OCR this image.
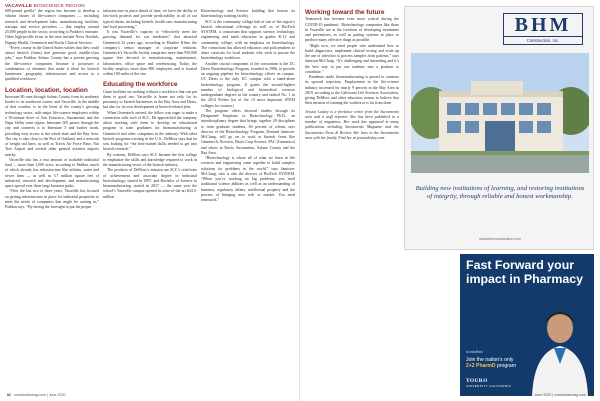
VACAVILLE BIOSCIENCE REGION

600-pound gorilla” the region has become to develop a vibrant cluster of life-science companies — including research and development hubs, manufacturing facilities, startups, and service providers — that employ around 25,000 people in the sector, according to Paddon’s estimate. Other high-profile firms in the area include Novo Nordisk, Dignity Health, Genentech and Roche Clinical Services.

“Every county in the United States wishes that they could attract biotech (firms) that generate good, middle-class jobs,” says Paddon. Solano County has a proven growing the life-science companies because it possesses a combination of elements that make it ideal for biotech businesses: geography, infrastructure and access to a qualified workforce.

Location, location, location

Interstate 80 runs through Solano County from its northeast border to its southwest corner, and Vacaville, in the middle of that corridor, is in the heart of the county’s growing technology sector, with major life-science employers within a 30-minute drive of San Francisco, Sacramento and the Napa Valley wine region. Interstate 505 passes through the city and connects it to Interstate 5 and further north, providing easy access to the whole state and the Bay Area. The city is also close to the Port of Oakland, and a network of freight rail lines, as well as Travis Air Force Base, Nut Tree Airport and several other general aviation airports nearby.

Vacaville also has a vast amount of available industrial land — more than 1,000 acres, according to Paddon, much of which already has infrastructure like utilities, water and sewer lines — as well as 3.7 million square feet of industrial, research and development, and manufacturing space spread over three large business parks.

“Over the last two to three years, Vacaville has focused on getting infrastructure in place for industrial properties to meet the needs of companies that might be coming in,” Paddon says. “By having the foresight to put the proper

infrastructure in place ahead of time, we have the ability to fast-track projects and provide predictability in all of our typical duties, including biotech, health care, manufacturing and food processing.”

It was Vacaville’s capacity to “effectively meet the growing demand for our medicines” that attracted Genentech 22 years ago, according to Heather Kline, the company’s senior manager of corporate relations. Genentech’s Vacaville facility comprises more than 950,000 square feet devoted to manufacturing, maintenance, laboratories, office space and warehousing. Today, the facility employs more than 900 employees and is located within 100 miles of the site.

Educating the workforce

Giant facilities are nothing without a workforce that can put them to good use. Vacaville is home not only for its proximity to biotech businesses in the Bay Area and Davis, but also for its own development of biotech-related jobs.

When Genentech arrived, the fellow was eager to make a connection with each of SCC. He approached the company about working with them to develop an educational program to train graduates for biomanufacturing at Genentech and other companies in the industry. With other biotech programs existing in the U.S., DeMoss says that he was looking for “the best-trained skills needed to get into biotech research.”

By contrast, DeMoss says SCC became the first college to emphasize the skills and knowledge required to work in the manufacturing sector of the biotech industry.

The products of DeMoss’s mission are SCC’s certificate of achievement and associate degree in industrial biotechnology, started in 1997, and Bachelor of Science in biomanufacturing, started in 2017 — the same year the school’s Vacaville campus opened its state-of-the-art $34.5-million

Biotechnology and Science building that houses its biotechnology training facility.

SCC is the community college hub of one of the region’s biotech educational offerings as well as of BioTech SYSTEM, a consortium that supports science, technology, engineering and math education in grades K-12 and community college, with an emphasis on biotechnology. The consortium has allowed educators and policymakers to share curricula for local students who wish to pursue the biotechnology workforce.

Another crucial component of the consortium is the UC Davis Biotechnology Program, founded in 1986, to provide an ongoing pipeline for biotechnology efforts on campus. UC Davis is the only UC campus with a stand-alone biotechnology program. It grants the second-highest number of biological and biomedical sciences undergraduate degrees in the country and ranked No. 1 in the 2014 Forbes list of the 13 most important STEM colleges for women.)

The program offers doctoral studies through its Designated Emphasis in Biotechnology Ph.D., an interdisciplinary degree that brings together 29 disciplines to train graduate students, 60 percent of whom, says director of the Biotechnology Program, Denneal Jamison-McClung, will go on to work at biotech firms like Genentech, Novartis, Bayer Crop Science, PAC (Genomics) and others in Davis, Sacramento, Solano County and the Bay Area.

“Biotechnology is where all of what we learn in life sciences and engineering come together to build complex solutions for problems in the world,” says Jamison-McClung, who is also the director of BioTech SYSTEM. “When you’re working on big problems, you need traditional science abilities as well as an understanding of business, regulatory affairs, intellectual property and the process of bringing new tech to market. You need teamwork.”

82 comstocksmag.com | June 2020
Working toward the future

Teamwork has become even more critical during the COVID-19 pandemic. Biotechnology companies like those in Vacaville are at the forefront of developing treatments and preventives, as well as putting systems in place to produce many effective drugs as possible.

“Right now, we need people who understand how to build diagnostics, implement clinical testing and scale up the use of infection to process samples from patients,” says Jamison-McClung. “It’s challenging and interesting and it’s the best way to put our students into a position to contribute.”

Pandemic aside, biomanufacturing is poised to continue its upward trajectory. Employment in the life-science industry increased by nearly 9 percent in the Bay Area in 2019, according to the California Life Sciences Association, giving DeMoss and other educators reason to believe that their mission of training the workforce is far from done.

Jessica Laskey is a freelance writer from the Sacramento area and a staff reporter. She has been published in a number of magazines. Her work has appeared in many publications including Sacramento Magazine and the Sacramento News & Review. She lives in the Sacramento area with her family. Find her at jessicalaskey.com.

BHM
Construction, Inc.
Building new institutions of learning, and restoring institutions of integrity, through reliable and honest workmanship.
www.bhmconstruction.com
Fast Forward your impact in Pharmacy
tu.edu/ffwd
Join the nation’s only
2+2 PharmD program
TOURO
UNIVERSITY CALIFORNIA
June 2020 | comstocksmag.com 83
